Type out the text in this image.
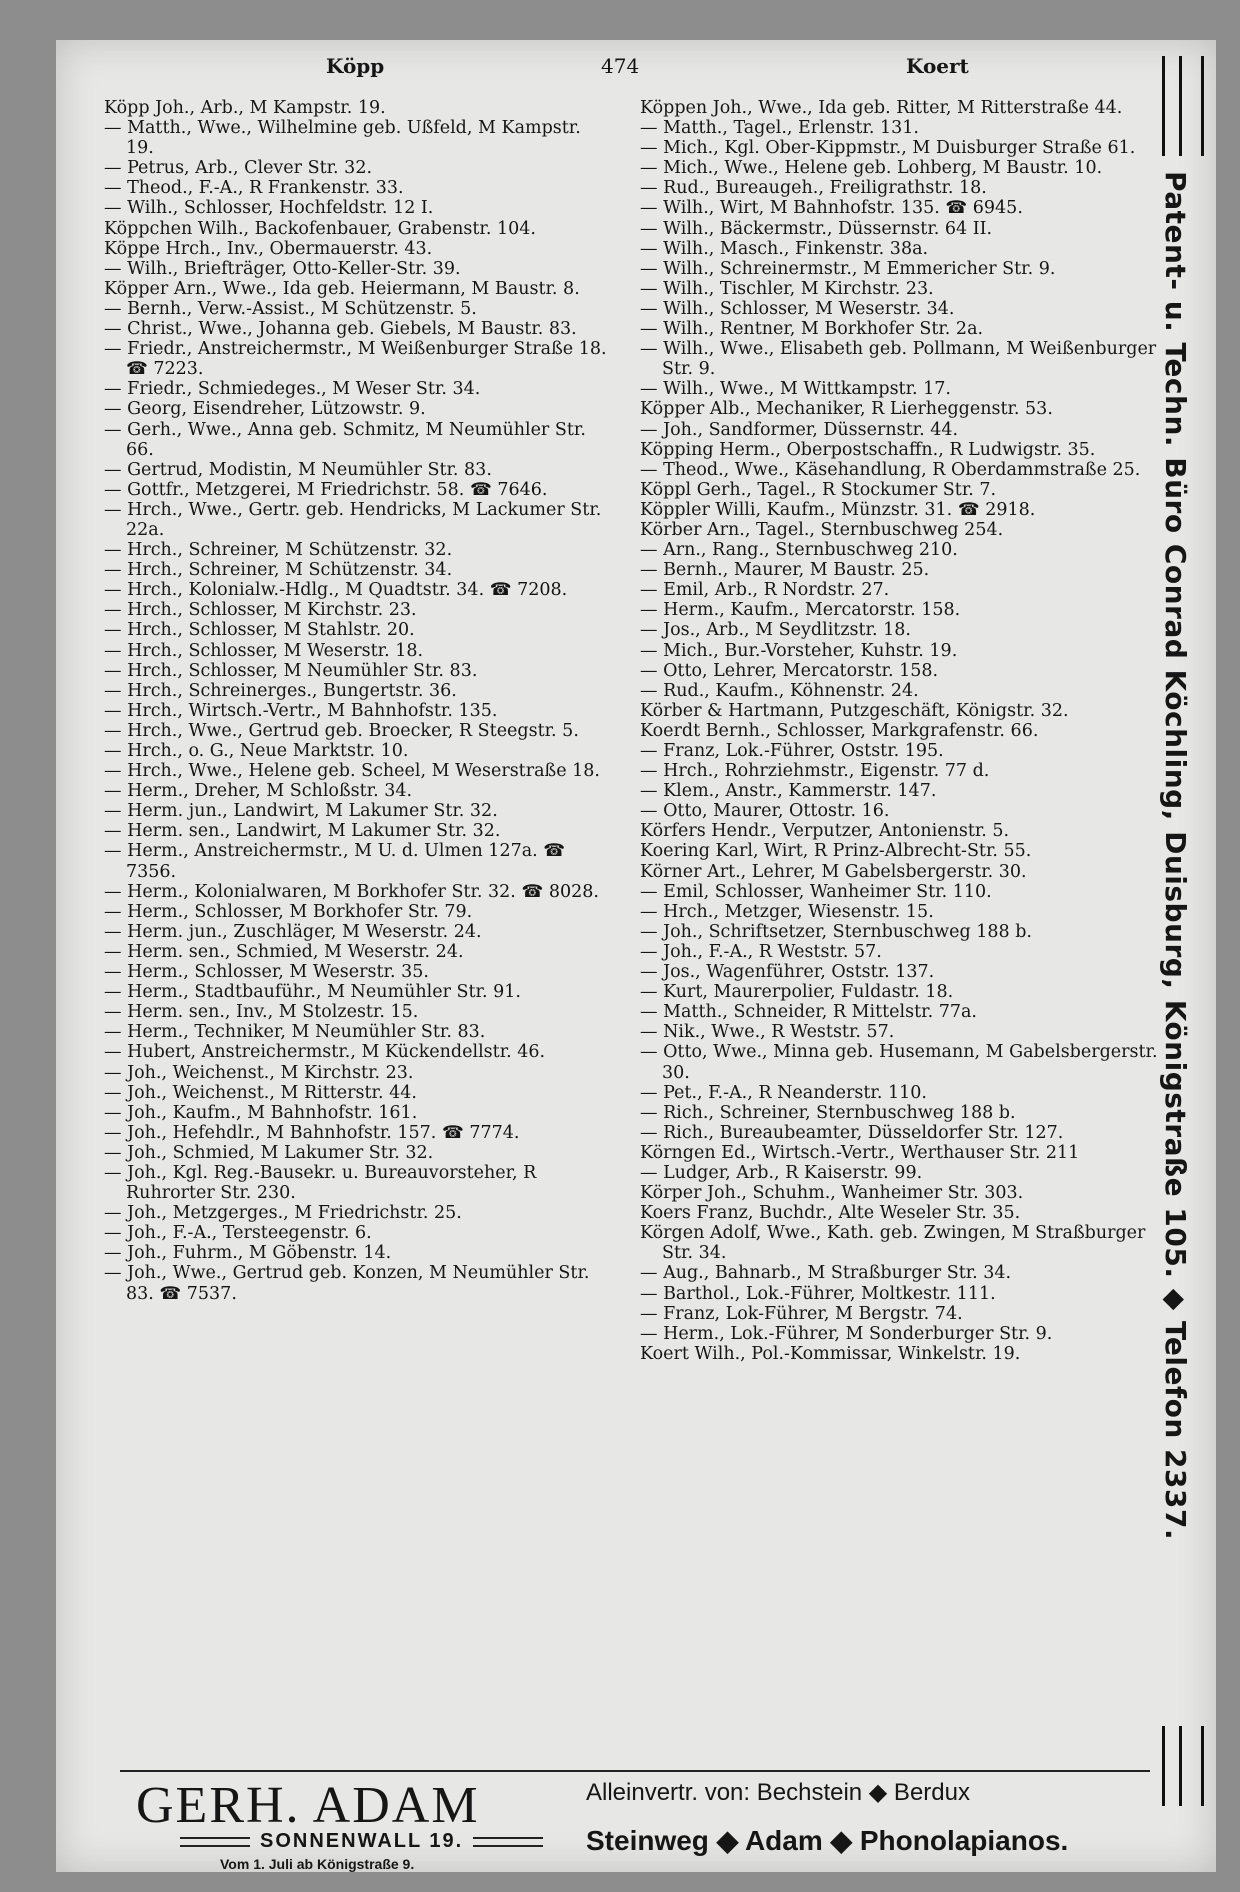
Köpp	474	Koert

Köpp Joh., Arb., M Kampstr. 19.

— Matth., Wwe., Wilhelmine geb. Ußfeld, M Kampstr. 19.

— Petrus, Arb., Clever Str. 32.

— Theod., F.-A., R Frankenstr. 33.

— Wilh., Schlosser, Hochfeldstr. 12 I.

Köppchen Wilh., Backofenbauer, Grabenstr. 104.

Köppe Hrch., Inv., Obermauerstr. 43.

— Wilh., Briefträger, Otto-Keller-Str. 39.

Köpper Arn., Wwe., Ida geb. Heiermann, M Baustr. 8.

— Bernh., Verw.-Assist., M Schützenstr. 5.

— Christ., Wwe., Johanna geb. Giebels, M Baustr. 83.

— Friedr., Anstreichermstr., M Weißenburger Straße 18. ☎ 7223.

— Friedr., Schmiedeges., M Weser Str. 34.

— Georg, Eisendreher, Lützowstr. 9.

— Gerh., Wwe., Anna geb. Schmitz, M Neumühler Str. 66.

— Gertrud, Modistin, M Neumühler Str. 83.

— Gottfr., Metzgerei, M Friedrichstr. 58. ☎ 7646.

— Hrch., Wwe., Gertr. geb. Hendricks, M Lackumer Str. 22a.

— Hrch., Schreiner, M Schützenstr. 32.

— Hrch., Schreiner, M Schützenstr. 34.

— Hrch., Kolonialw.-Hdlg., M Quadtstr. 34. ☎ 7208.

— Hrch., Schlosser, M Kirchstr. 23.

— Hrch., Schlosser, M Stahlstr. 20.

— Hrch., Schlosser, M Weserstr. 18.

— Hrch., Schlosser, M Neumühler Str. 83.

— Hrch., Schreinerges., Bungertstr. 36.

— Hrch., Wirtsch.-Vertr., M Bahnhofstr. 135.

— Hrch., Wwe., Gertrud geb. Broecker, R Steegstr. 5.

— Hrch., o. G., Neue Marktstr. 10.

— Hrch., Wwe., Helene geb. Scheel, M Weserstraße 18.

— Herm., Dreher, M Schloßstr. 34.

— Herm. jun., Landwirt, M Lakumer Str. 32.

— Herm. sen., Landwirt, M Lakumer Str. 32.

— Herm., Anstreichermstr., M U. d. Ulmen 127a. ☎ 7356.

— Herm., Kolonialwaren, M Borkhofer Str. 32. ☎ 8028.

— Herm., Schlosser, M Borkhofer Str. 79.

— Herm. jun., Zuschläger, M Weserstr. 24.

— Herm. sen., Schmied, M Weserstr. 24.

— Herm., Schlosser, M Weserstr. 35.

— Herm., Stadtbauführ., M Neumühler Str. 91.

— Herm. sen., Inv., M Stolzestr. 15.

— Herm., Techniker, M Neumühler Str. 83.

— Hubert, Anstreichermstr., M Kückendellstr. 46.

— Joh., Weichenst., M Kirchstr. 23.

— Joh., Weichenst., M Ritterstr. 44.

— Joh., Kaufm., M Bahnhofstr. 161.

— Joh., Hefehdlr., M Bahnhofstr. 157. ☎ 7774.

— Joh., Schmied, M Lakumer Str. 32.

— Joh., Kgl. Reg.-Bausekr. u. Bureauvorsteher, R Ruhrorter Str. 230.

— Joh., Metzgerges., M Friedrichstr. 25.

— Joh., F.-A., Tersteegenstr. 6.

— Joh., Fuhrm., M Göbenstr. 14.

— Joh., Wwe., Gertrud geb. Konzen, M Neumühler Str. 83. ☎ 7537.

Köppen Joh., Wwe., Ida geb. Ritter, M Ritterstraße 44.

— Matth., Tagel., Erlenstr. 131.

— Mich., Kgl. Ober-Kippmstr., M Duisburger Straße 61.

— Mich., Wwe., Helene geb. Lohberg, M Baustr. 10.

— Rud., Bureaugeh., Freiligrathstr. 18.

— Wilh., Wirt, M Bahnhofstr. 135. ☎ 6945.

— Wilh., Bäckermstr., Düssernstr. 64 II.

— Wilh., Masch., Finkenstr. 38a.

— Wilh., Schreinermstr., M Emmericher Str. 9.

— Wilh., Tischler, M Kirchstr. 23.

— Wilh., Schlosser, M Weserstr. 34.

— Wilh., Rentner, M Borkhofer Str. 2a.

— Wilh., Wwe., Elisabeth geb. Pollmann, M Weißenburger Str. 9.

— Wilh., Wwe., M Wittkampstr. 17.

Köpper Alb., Mechaniker, R Lierheggenstr. 53.

— Joh., Sandformer, Düssernstr. 44.

Köpping Herm., Oberpostschaffn., R Ludwigstr. 35.

— Theod., Wwe., Käsehandlung, R Oberdammstraße 25.

Köppl Gerh., Tagel., R Stockumer Str. 7.

Köppler Willi, Kaufm., Münzstr. 31. ☎ 2918.

Körber Arn., Tagel., Sternbuschweg 254.

— Arn., Rang., Sternbuschweg 210.

— Bernh., Maurer, M Baustr. 25.

— Emil, Arb., R Nordstr. 27.

— Herm., Kaufm., Mercatorstr. 158.

— Jos., Arb., M Seydlitzstr. 18.

— Mich., Bur.-Vorsteher, Kuhstr. 19.

— Otto, Lehrer, Mercatorstr. 158.

— Rud., Kaufm., Köhnenstr. 24.

Körber & Hartmann, Putzgeschäft, Königstr. 32.

Koerdt Bernh., Schlosser, Markgrafenstr. 66.

— Franz, Lok.-Führer, Oststr. 195.

— Hrch., Rohrziehmstr., Eigenstr. 77 d.

— Klem., Anstr., Kammerstr. 147.

— Otto, Maurer, Ottostr. 16.

Körfers Hendr., Verputzer, Antonienstr. 5.

Koering Karl, Wirt, R Prinz-Albrecht-Str. 55.

Körner Art., Lehrer, M Gabelsbergerstr. 30.

— Emil, Schlosser, Wanheimer Str. 110.

— Hrch., Metzger, Wiesenstr. 15.

— Joh., Schriftsetzer, Sternbuschweg 188 b.

— Joh., F.-A., R Weststr. 57.

— Jos., Wagenführer, Oststr. 137.

— Kurt, Maurerpolier, Fuldastr. 18.

— Matth., Schneider, R Mittelstr. 77a.

— Nik., Wwe., R Weststr. 57.

— Otto, Wwe., Minna geb. Husemann, M Gabelsbergerstr. 30.

— Pet., F.-A., R Neanderstr. 110.

— Rich., Schreiner, Sternbuschweg 188 b.

— Rich., Bureaubeamter, Düsseldorfer Str. 127.

Körngen Ed., Wirtsch.-Vertr., Werthauser Str. 211

— Ludger, Arb., R Kaiserstr. 99.

Körper Joh., Schuhm., Wanheimer Str. 303.

Koers Franz, Buchdr., Alte Weseler Str. 35.

Körgen Adolf, Wwe., Kath. geb. Zwingen, M Straßburger Str. 34.

— Aug., Bahnarb., M Straßburger Str. 34.

— Barthol., Lok.-Führer, Moltkestr. 111.

— Franz, Lok-Führer, M Bergstr. 74.

— Herm., Lok.-Führer, M Sonderburger Str. 9.

Koert Wilh., Pol.-Kommissar, Winkelstr. 19.	Patent- u. Techn. Büro Conrad Köchling, Duisburg, Königstraße 105. ◆ Telefon 2337.
GERH. ADAM
SONNENWALL 19.
Vom 1. Juli ab Königstraße 9.
Alleinvertr. von: Bechstein ◆ Berdux
Steinweg ◆ Adam ◆ Phonolapianos.
